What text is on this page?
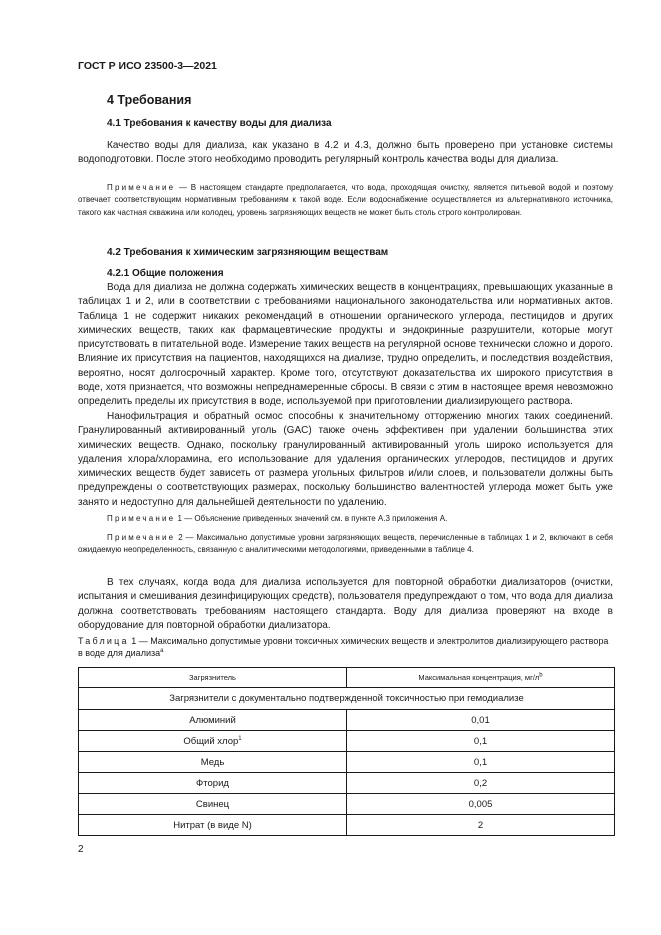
ГОСТ Р ИСО 23500-3—2021
4 Требования
4.1 Требования к качеству воды для диализа

Качество воды для диализа, как указано в 4.2 и 4.3, должно быть проверено при установке системы водоподготовки. После этого необходимо проводить регулярный контроль качества воды для диализа.

Примечание — В настоящем стандарте предполагается, что вода, проходящая очистку, является питьевой водой и поэтому отвечает соответствующим нормативным требованиям к такой воде. Если водоснабжение осуществляется из альтернативного источника, такого как частная скважина или колодец, уровень загрязняющих веществ не может быть столь строго контролирован.

4.2 Требования к химическим загрязняющим веществам
4.2.1 Общие положения

Вода для диализа не должна содержать химических веществ в концентрациях, превышающих указанные в таблицах 1 и 2, или в соответствии с требованиями национального законодательства или нормативных актов. Таблица 1 не содержит никаких рекомендаций в отношении органического углерода, пестицидов и других химических веществ, таких как фармацевтические продукты и эндокринные разрушители, которые могут присутствовать в питательной воде. Измерение таких веществ на регулярной основе технически сложно и дорого. Влияние их присутствия на пациентов, находящихся на диализе, трудно определить, и последствия воздействия, вероятно, носят долгосрочный характер. Кроме того, отсутствуют доказательства их широкого присутствия в воде, хотя признается, что возможны непреднамеренные сбросы. В связи с этим в настоящее время невозможно определить пределы их присутствия в воде, используемой при приготовлении диализирующего раствора.

Нанофильтрация и обратный осмос способны к значительному отторжению многих таких соединений. Гранулированный активированный уголь (GAC) также очень эффективен при удалении большинства этих химических веществ. Однако, поскольку гранулированный активированный уголь широко используется для удаления хлора/хлорамина, его использование для удаления органических углеродов, пестицидов и других химических веществ будет зависеть от размера угольных фильтров и/или слоев, и пользователи должны быть предупреждены о соответствующих размерах, поскольку большинство валентностей углерода может быть уже занято и недоступно для дальнейшей деятельности по удалению.

Примечание 1 — Объяснение приведенных значений см. в пункте А.3 приложения А.

Примечание 2 — Максимально допустимые уровни загрязняющих веществ, перечисленные в таблицах 1 и 2, включают в себя ожидаемую неопределенность, связанную с аналитическими методологиями, приведенными в таблице 4.

В тех случаях, когда вода для диализа используется для повторной обработки диализаторов (очистки, испытания и смешивания дезинфицирующих средств), пользователя предупреждают о том, что вода для диализа должна соответствовать требованиям настоящего стандарта. Воду для диализа проверяют на входе в оборудование для повторной обработки диализатора.

Таблица 1 — Максимально допустимые уровни токсичных химических веществ и электролитов диализирующего раствора в воде для диализа$^а$

Загрязнитель	Максимальная концентрация, $мг/л^b$
Загрязнители с документально подтвержденной токсичностью при гемодиализе	
Алюминий	0,01
Общий хлор$^1$	0,1
Медь	0,1
Фторид	0,2
Свинец	0,005
Нитрат (в виде N)	2
2
